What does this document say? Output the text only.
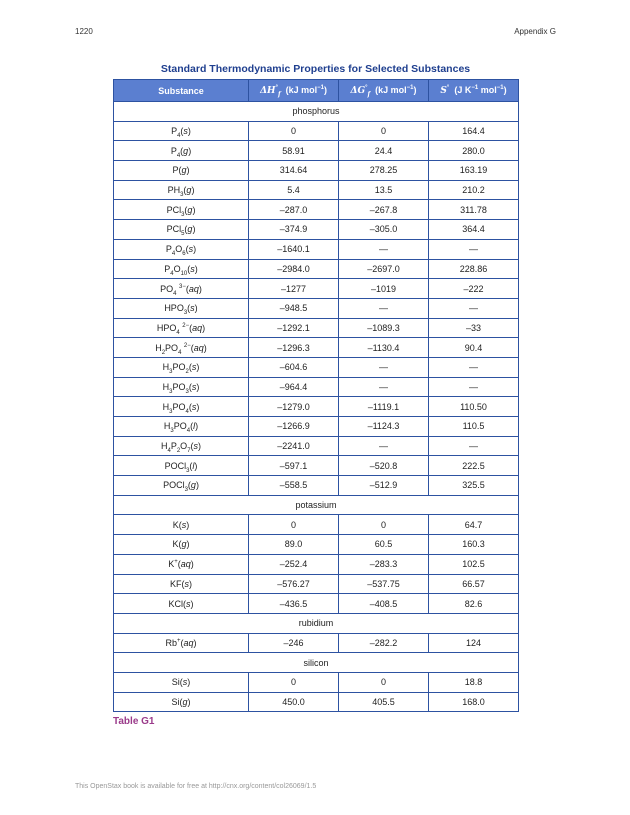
1220	Appendix G
Standard Thermodynamic Properties for Selected Substances
Substance	$\Delta H^\circ_f$ (kJ mol$^{-1}$)	$\Delta G^\circ_f$ (kJ mol$^{-1}$)	S° (J $K^{-1}$ mol$^{-1}$)
phosphorus			
$P_4(s)$	0	0	164.4
$P_4(g)$	58.91	24.4	280.0
P(g)	314.64	278.25	163.19
$PH_3(g)$	5.4	13.5	210.2
PCl$_3$(g)	–287.0	–267.8	311.78
PCl$_5$(g)	–374.9	–305.0	364.4
$P_4O_6(s)$	–1640.1	—	—
$P_4O_{10}(s)$	–2984.0	–2697.0	228.86
$PO_4$ $^{3-}$(aq)	–1277	–1019	–222
$HPO_3(s)$	–948.5	—	—
$HPO_4$ $^{2-}$(aq)	–1292.1	–1089.3	–33
$H_2PO_4$ $^{2-}$(aq)	–1296.3	–1130.4	90.4
$H_3PO_2(s)$	–604.6	—	—
$H_3PO_3(s)$	–964.4	—	—
$H_3PO_4(s)$	–1279.0	–1119.1	110.50
$H_3PO_4(l)$	–1266.9	–1124.3	110.5
$H_4P_2O_7(s)$	–2241.0	—	—
POCl$_3$(l)	–597.1	–520.8	222.5
POCl$_3$(g)	–558.5	–512.9	325.5
potassium			
K(s)	0	0	64.7
K(g)	89.0	60.5	160.3
K+(aq)	–252.4	–283.3	102.5
KF(s)	–576.27	–537.75	66.57
KCl(s)	–436.5	–408.5	82.6
rubidium			
Rb+(aq)	–246	–282.2	124
silicon			
Si(s)	0	0	18.8
Si(g)	450.0	405.5	168.0
Table G1
This OpenStax book is available for free at http://cnx.org/content/col26069/1.5
